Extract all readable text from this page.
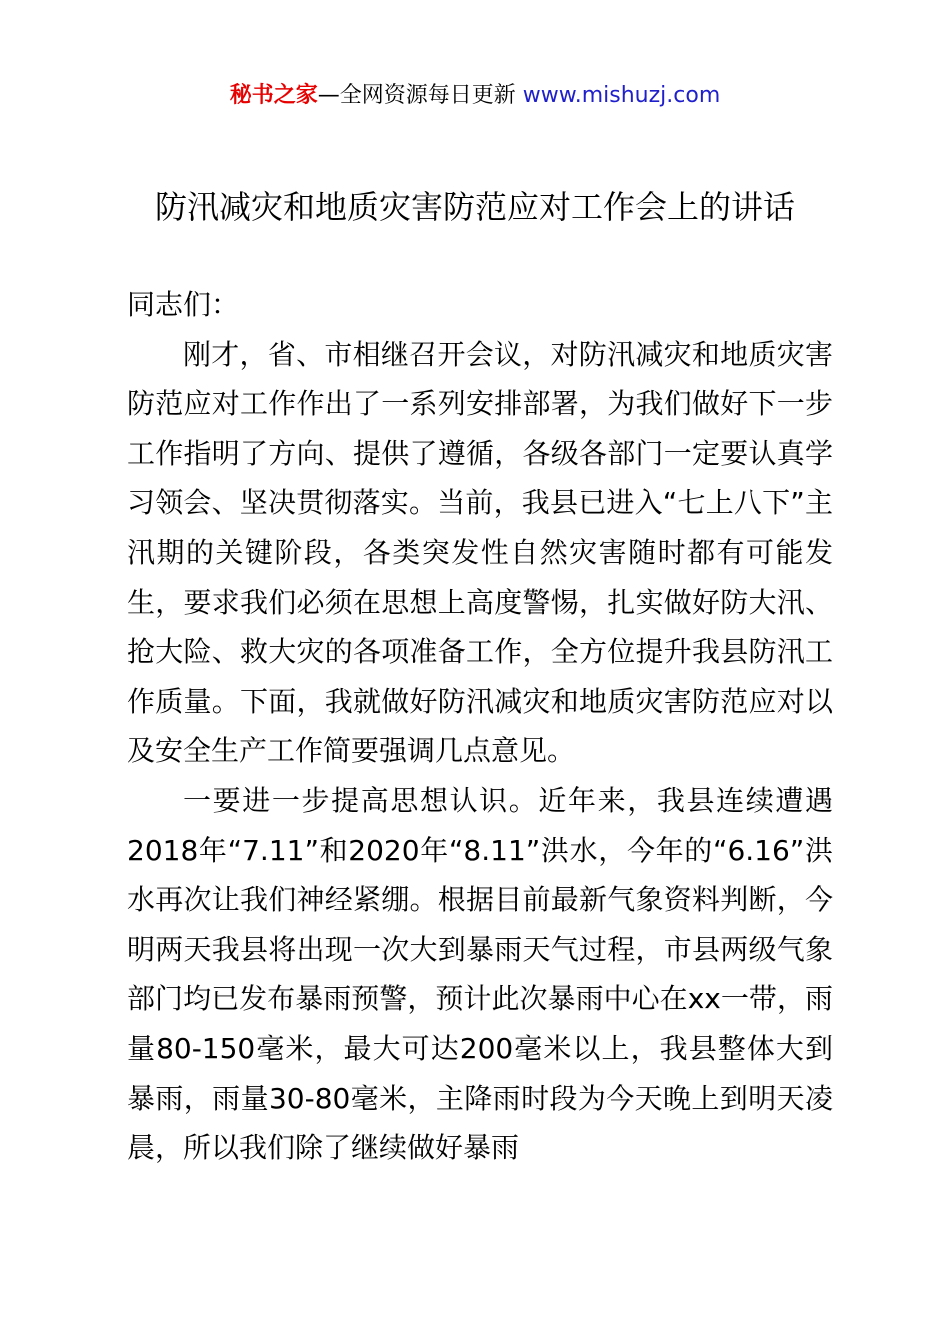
秘书之家—全网资源每日更新 www.mishuzj.com
防汛减灾和地质灾害防范应对工作会上的讲话

同志们：

刚才，省、市相继召开会议，对防汛减灾和地质灾害防范应对工作作出了一系列安排部署，为我们做好下一步工作指明了方向、提供了遵循，各级各部门一定要认真学习领会、坚决贯彻落实。当前，我县已进入“七上八下”主汛期的关键阶段，各类突发性自然灾害随时都有可能发生，要求我们必须在思想上高度警惕，扎实做好防大汛、抢大险、救大灾的各项准备工作，全方位提升我县防汛工作质量。下面，我就做好防汛减灾和地质灾害防范应对以及安全生产工作简要强调几点意见。

一要进一步提高思想认识。近年来，我县连续遭遇2018年“7.11”和2020年“8.11”洪水，今年的“6.16”洪水再次让我们神经紧绷。根据目前最新气象资料判断，今明两天我县将出现一次大到暴雨天气过程，市县两级气象部门均已发布暴雨预警，预计此次暴雨中心在xx一带，雨量80-150毫米，最大可达200毫米以上，我县整体大到暴雨，雨量30-80毫米，主降雨时段为今天晚上到明天凌晨，所以我们除了继续做好暴雨
